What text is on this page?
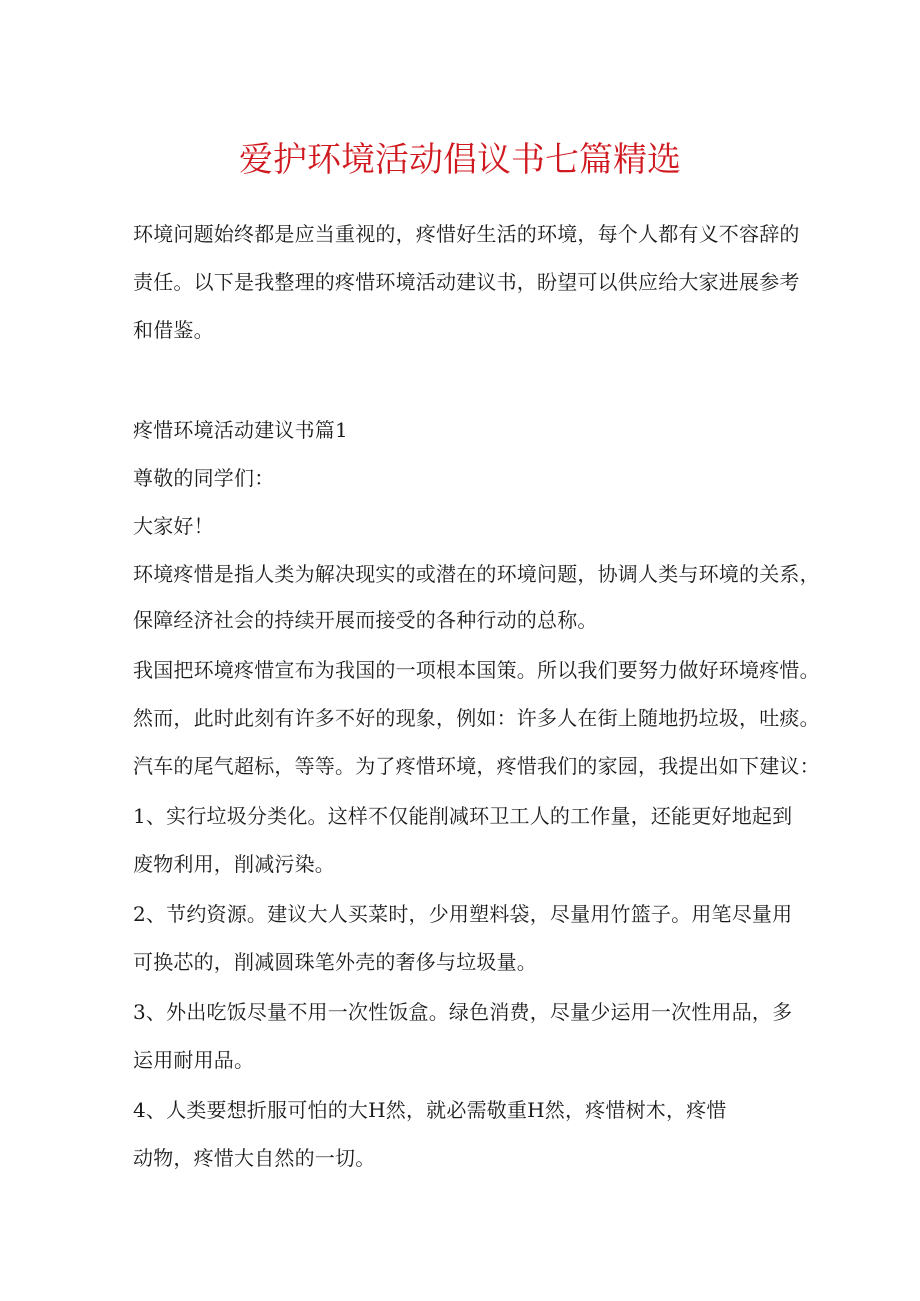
爱护环境活动倡议书七篇精选
环境问题始终都是应当重视的，疼惜好生活的环境，每个人都有义不容辞的
责任。以下是我整理的疼惜环境活动建议书，盼望可以供应给大家进展参考
和借鉴。
疼惜环境活动建议书篇1
尊敬的同学们：
大家好！
环境疼惜是指人类为解决现实的或潜在的环境问题，协调人类与环境的关系，
保障经济社会的持续开展而接受的各种行动的总称。
我国把环境疼惜宣布为我国的一项根本国策。所以我们要努力做好环境疼惜。
然而，此时此刻有许多不好的现象，例如：许多人在街上随地扔垃圾，吐痰。
汽车的尾气超标，等等。为了疼惜环境，疼惜我们的家园，我提出如下建议：
1、实行垃圾分类化。这样不仅能削减环卫工人的工作量，还能更好地起到
废物利用，削减污染。
2、节约资源。建议大人买菜时，少用塑料袋，尽量用竹篮子。用笔尽量用
可换芯的，削减圆珠笔外壳的奢侈与垃圾量。
3、外出吃饭尽量不用一次性饭盒。绿色消费，尽量少运用一次性用品，多
运用耐用品。
4、人类要想折服可怕的大H然，就必需敬重H然，疼惜树木，疼惜
动物，疼惜大自然的一切。
